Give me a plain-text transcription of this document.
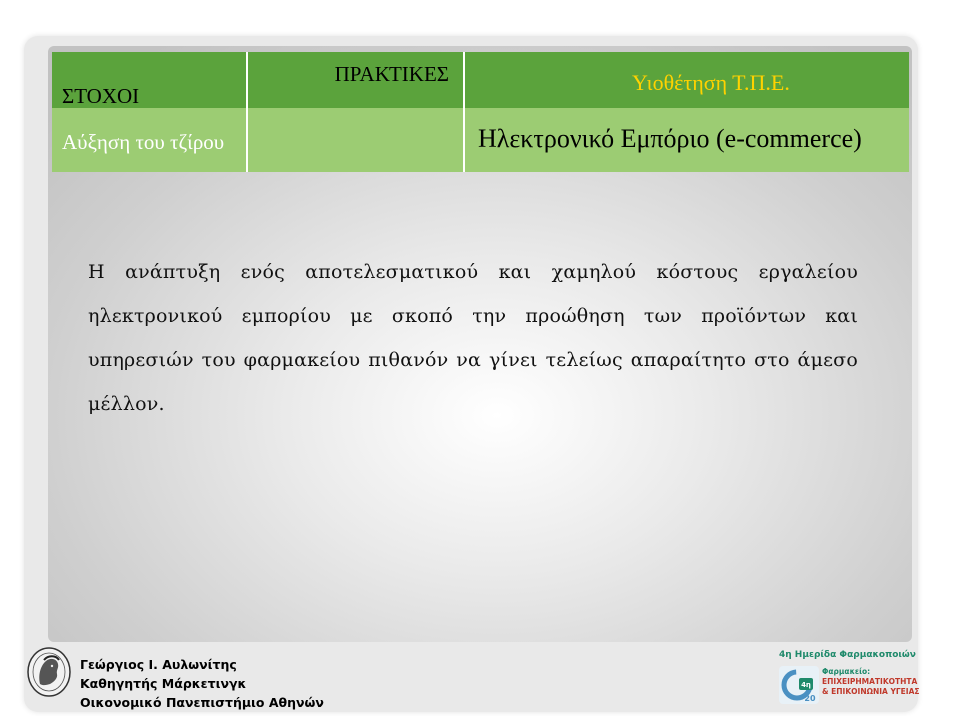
ΣΤΟΧΟΙ
ΠΡΑΚΤΙΚΕΣ	Υιοθέτηση Τ.Π.Ε.
Αύξηση του τζίρου	Ηλεκτρονικό Εμπόριο (e-commerce)
Η ανάπτυξη ενός αποτελεσματικού και χαμηλού κόστους εργαλείου ηλεκτρονικού εμπορίου με σκοπό την προώθηση των προϊόντων και υπηρεσιών του φαρμακείου πιθανόν να γίνει τελείως απαραίτητο στο άμεσο μέλλον.
Γεώργιος Ι. Αυλωνίτης
Καθηγητής Μάρκετινγκ
Οικονομικό Πανεπιστήμιο Αθηνών
4η Ημερίδα Φαρμακοποιών
4η
20
Φαρμακείο:
ΕΠΙΧΕΙΡΗΜΑΤΙΚΟΤΗΤΑ
& ΕΠΙΚΟΙΝΩΝΙΑ ΥΓΕΙΑΣ
